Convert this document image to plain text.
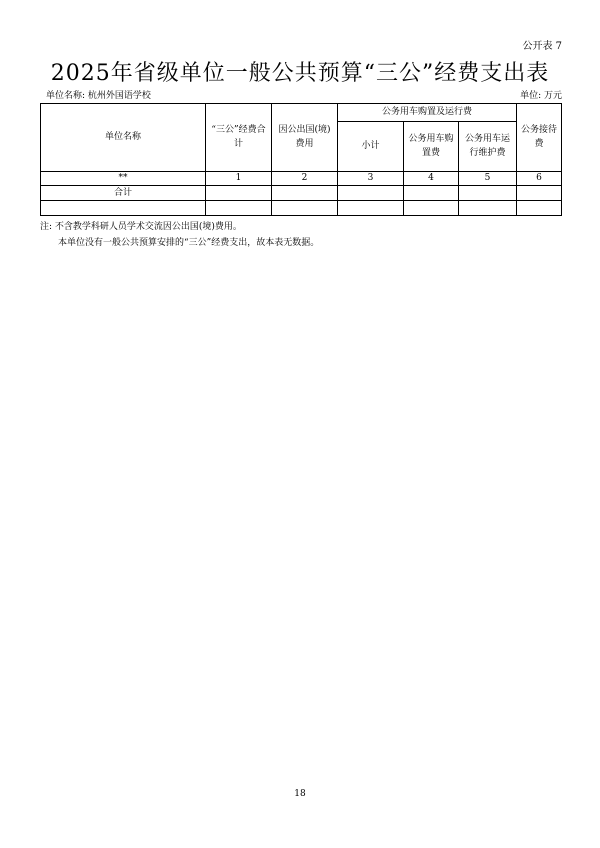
公开表 7
2025年省级单位一般公共预算“三公”经费支出表
单位名称: 杭州外国语学校	单位: 万元
单位名称	“三公”经费合计	因公出国(境)费用	公务用车购置及运行费			公务接待费
			小计	公务用车购置费	公务用车运行维护费	
**	1	2	3	4	5	6
合计						

注: 不含教学科研人员学术交流因公出国(境)费用。
本单位没有一般公共预算安排的“三公”经费支出，故本表无数据。
18
